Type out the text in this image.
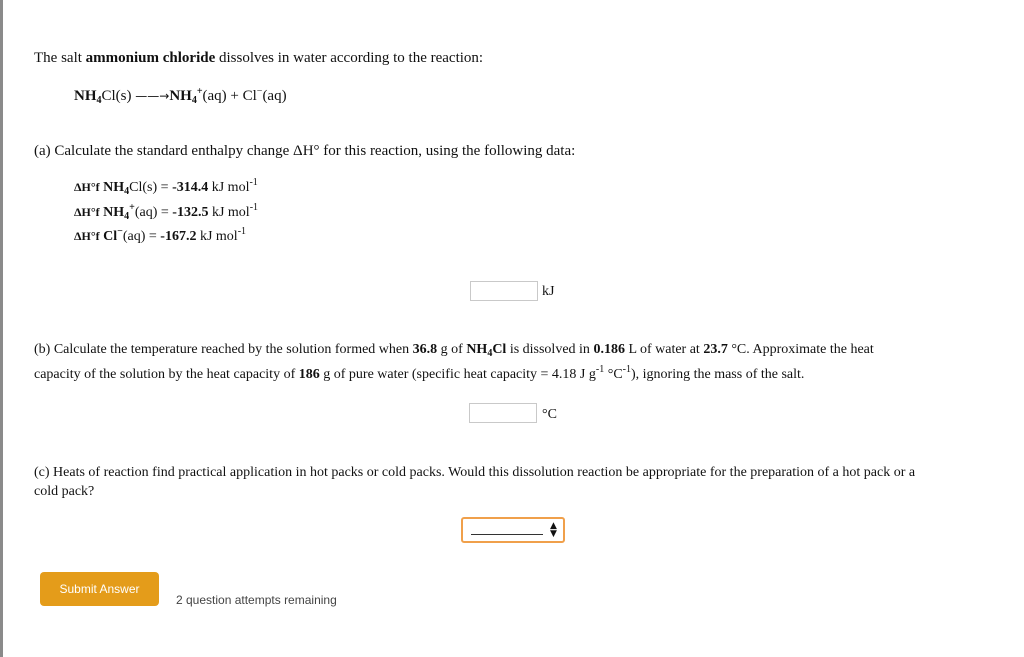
The salt ammonium chloride dissolves in water according to the reaction:
$NH_4Cl(s)$ $——\to NH_4^+(aq) + Cl^-(aq)$
(a) Calculate the standard enthalpy change ΔH° for this reaction, using the following data:
ΔH°f $NH_4Cl(s) = -314.4$ kJ mol$^{-1}$
ΔH°f $NH_4^+(aq) = -132.5$ kJ mol$^{-1}$
ΔH°f Cl−(aq) = -167.2 kJ mol$^{-1}$
kJ
(b) Calculate the temperature reached by the solution formed when 36.8 g of $NH_4Cl$ is dissolved in 0.186 L of water at 23.7 °C. Approximate the heat
capacity of the solution by the heat capacity of 186 g of pure water (specific heat capacity = 4.18 J $g^{-1}$ $^\circ C^{-1}$), ignoring the mass of the salt.
°C
(c) Heats of reaction find practical application in hot packs or cold packs. Would this dissolution reaction be appropriate for the preparation of a hot pack or a
cold pack?
▲▼
Submit Answer
2 question attempts remaining
